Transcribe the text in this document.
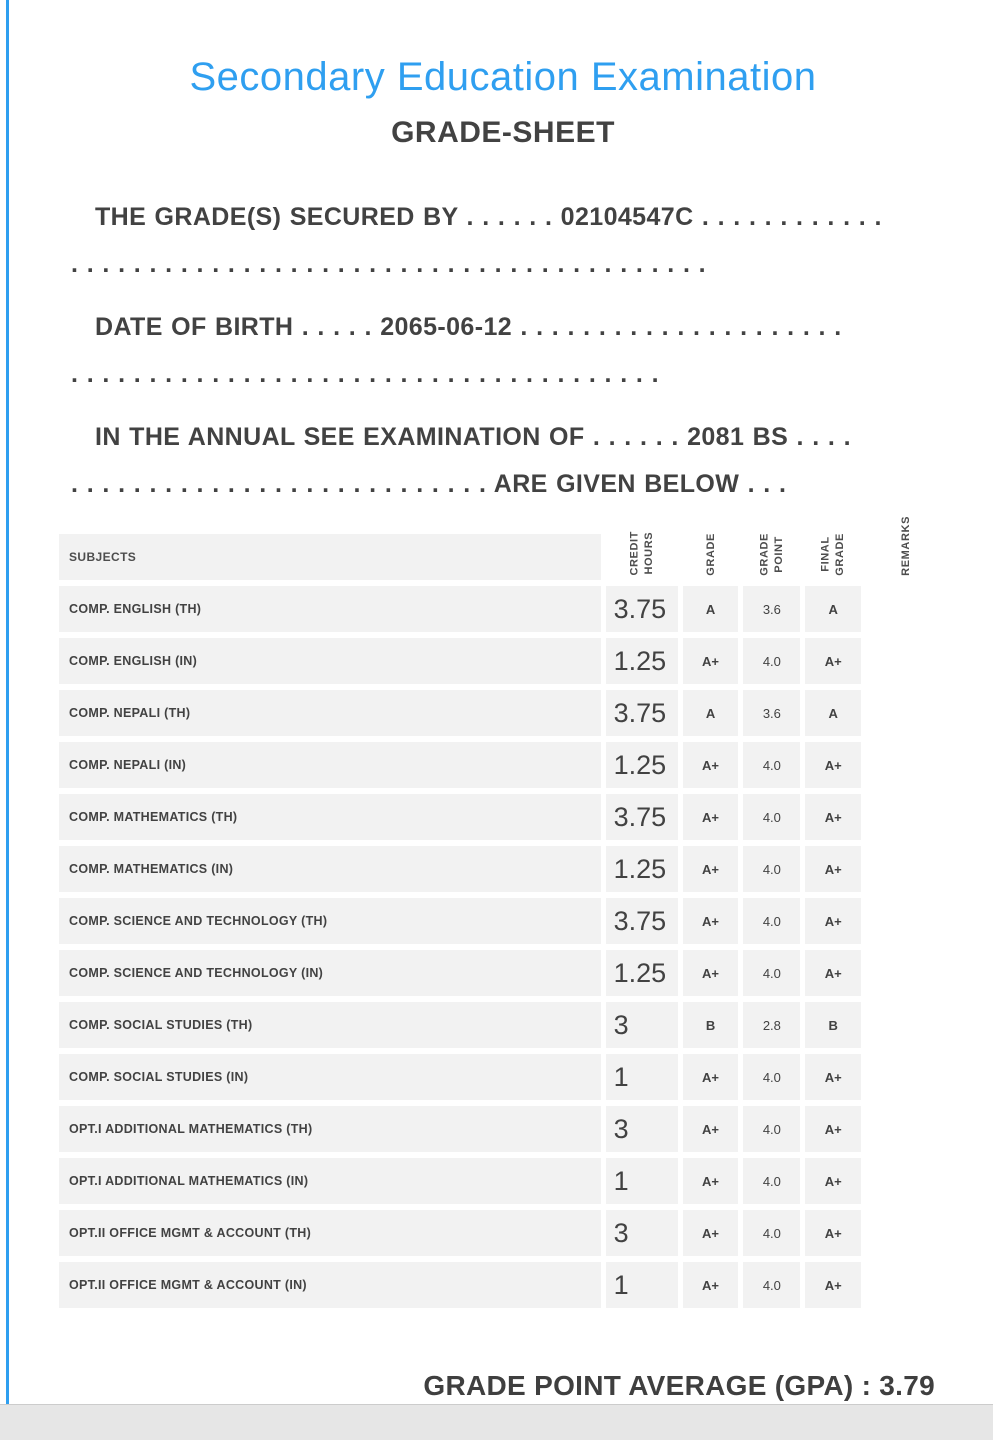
Secondary Education Examination
GRADE-SHEET
THE GRADE(S) SECURED BY . . . . . . 02104547C . . . . . . . . . . . .
. . . . . . . . . . . . . . . . . . . . . . . . . . . . . . . . . . . . . . . . .
DATE OF BIRTH . . . . . 2065-06-12 . . . . . . . . . . . . . . . . . . . . .
. . . . . . . . . . . . . . . . . . . . . . . . . . . . . . . . . . . . . .
IN THE ANNUAL SEE EXAMINATION OF . . . . . . 2081 BS . . . .
. . . . . . . . . . . . . . . . . . . . . . . . . . . ARE GIVEN BELOW . . .
SUBJECTS	CREDIT HOURS	GRADE	GRADE POINT	FINAL GRADE	REMARKS

COMP. ENGLISH (TH)	3.75	A	3.6	A	
COMP. ENGLISH (IN)	1.25	A+	4.0	A+	
COMP. NEPALI (TH)	3.75	A	3.6	A	
COMP. NEPALI (IN)	1.25	A+	4.0	A+	
COMP. MATHEMATICS (TH)	3.75	A+	4.0	A+	
COMP. MATHEMATICS (IN)	1.25	A+	4.0	A+	
COMP. SCIENCE AND TECHNOLOGY (TH)	3.75	A+	4.0	A+	
COMP. SCIENCE AND TECHNOLOGY (IN)	1.25	A+	4.0	A+	
COMP. SOCIAL STUDIES (TH)	3	B	2.8	B	
COMP. SOCIAL STUDIES (IN)	1	A+	4.0	A+	
OPT.I ADDITIONAL MATHEMATICS (TH)	3	A+	4.0	A+	
OPT.I ADDITIONAL MATHEMATICS (IN)	1	A+	4.0	A+	
OPT.II OFFICE MGMT & ACCOUNT (TH)	3	A+	4.0	A+	
OPT.II OFFICE MGMT & ACCOUNT (IN)	1	A+	4.0	A+	
GRADE POINT AVERAGE (GPA) : 3.79
